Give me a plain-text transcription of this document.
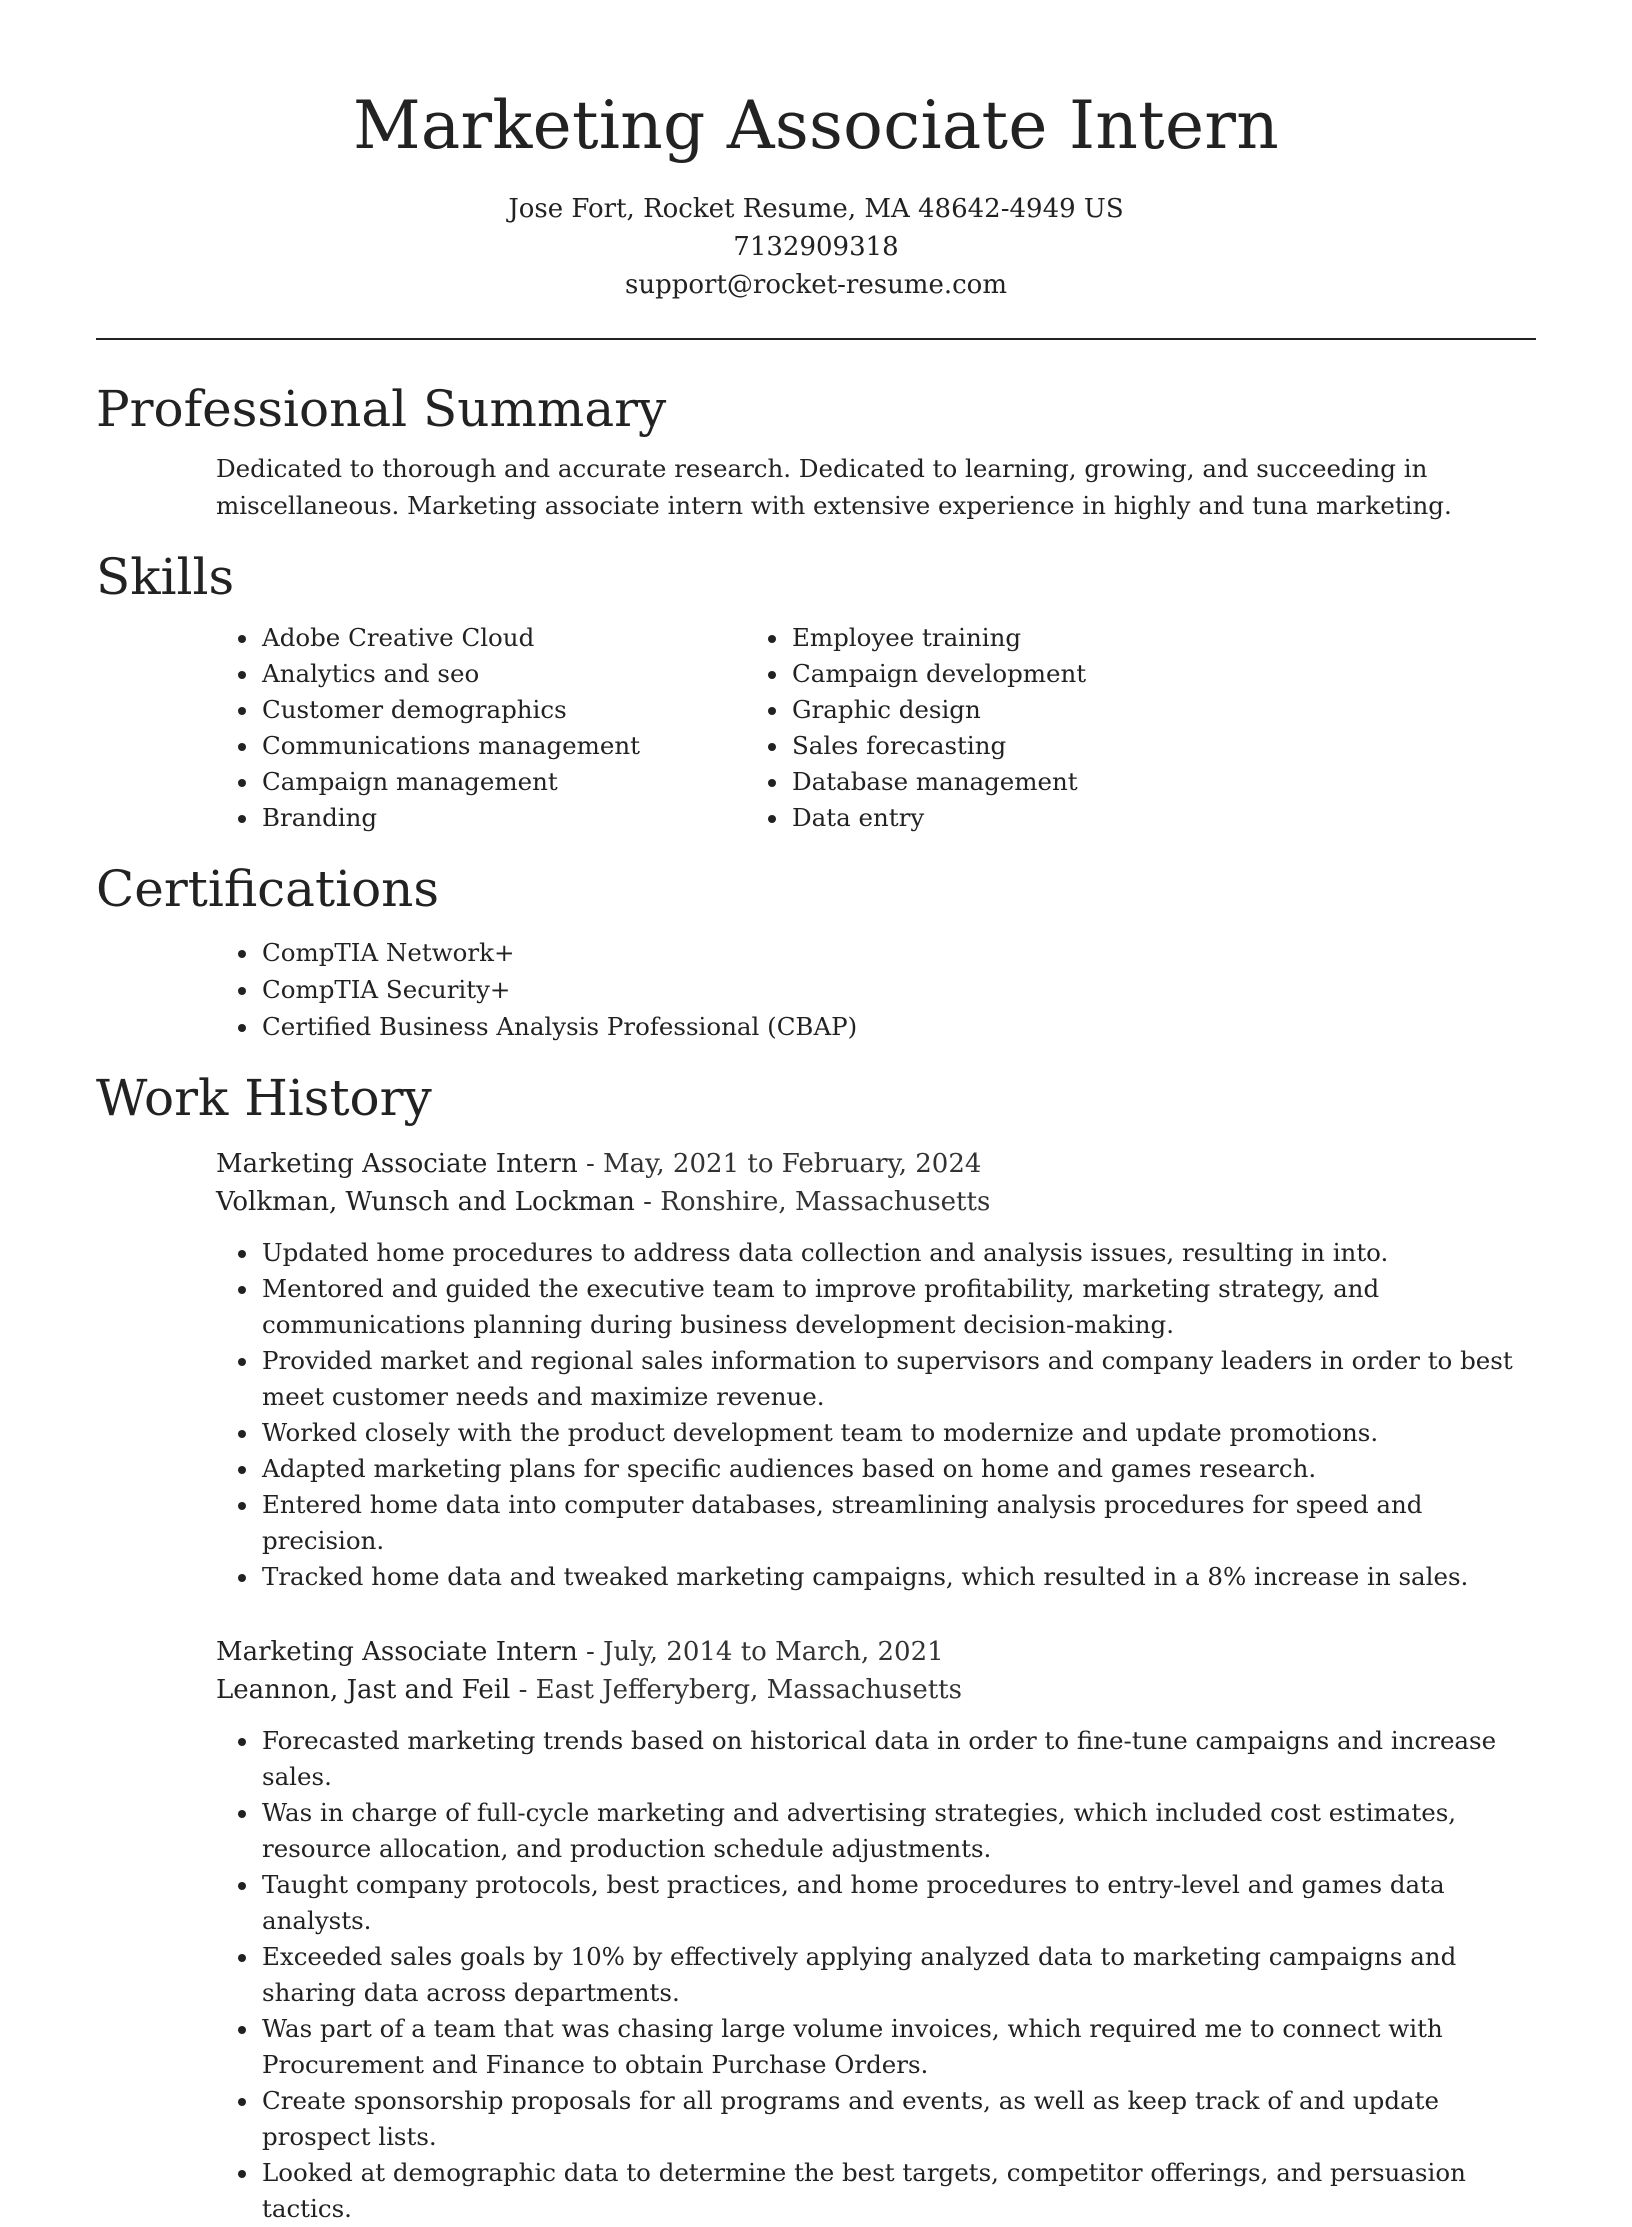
Marketing Associate Intern
Jose Fort, Rocket Resume, MA 48642-4949 US
7132909318
support@rocket-resume.com
Professional Summary

Dedicated to thorough and accurate research. Dedicated to learning, growing, and succeeding in miscellaneous. Marketing associate intern with extensive experience in highly and tuna marketing.

Skills
• Adobe Creative Cloud
• Analytics and seo
• Customer demographics
• Communications management
• Campaign management
• Branding
• Employee training
• Campaign development
• Graphic design
• Sales forecasting
• Database management
• Data entry
Certifications
• CompTIA Network+
• CompTIA Security+
• Certified Business Analysis Professional (CBAP)
Work History
Marketing Associate Intern - May, 2021 to February, 2024
Volkman, Wunsch and Lockman - Ronshire, Massachusetts
• Updated home procedures to address data collection and analysis issues, resulting in into.
• Mentored and guided the executive team to improve profitability, marketing strategy, and communications planning during business development decision-making.
• Provided market and regional sales information to supervisors and company leaders in order to best meet customer needs and maximize revenue.
• Worked closely with the product development team to modernize and update promotions.
• Adapted marketing plans for specific audiences based on home and games research.
• Entered home data into computer databases, streamlining analysis procedures for speed and precision.
• Tracked home data and tweaked marketing campaigns, which resulted in a 8% increase in sales.
Marketing Associate Intern - July, 2014 to March, 2021
Leannon, Jast and Feil - East Jefferyberg, Massachusetts
• Forecasted marketing trends based on historical data in order to fine-tune campaigns and increase sales.
• Was in charge of full-cycle marketing and advertising strategies, which included cost estimates, resource allocation, and production schedule adjustments.
• Taught company protocols, best practices, and home procedures to entry-level and games data analysts.
• Exceeded sales goals by 10% by effectively applying analyzed data to marketing campaigns and sharing data across departments.
• Was part of a team that was chasing large volume invoices, which required me to connect with Procurement and Finance to obtain Purchase Orders.
• Create sponsorship proposals for all programs and events, as well as keep track of and update prospect lists.
• Looked at demographic data to determine the best targets, competitor offerings, and persuasion tactics.
